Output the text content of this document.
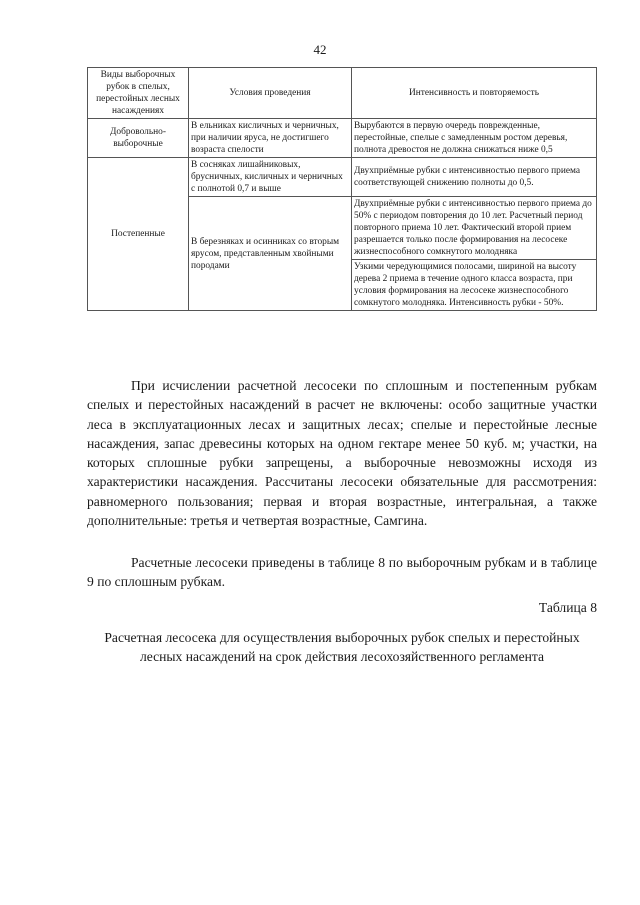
42
Виды выборочных рубок в спелых, перестойных лесных насаждениях	Условия проведения	Интенсивность и повторяемость
Добровольно-выборочные	В ельниках кисличных и черничных, при наличии яруса, не достигшего возраста спелости	Вырубаются в первую очередь поврежденные, перестойные, спелые с замедленным ростом деревья, полнота древостоя не должна снижаться ниже 0,5
Постепенные	В сосняках лишайниковых, брусничных, кисличных и черничных с полнотой 0,7 и выше	Двухприёмные рубки с интенсивностью первого приема соответствующей снижению полноты до 0,5.
	В березняках и осинниках со вторым ярусом, представленным хвойными породами	Двухприёмные рубки с интенсивностью первого приема до 50% с периодом повторения до 10 лет. Расчетный период повторного приема 10 лет. Фактический второй прием разрешается только после формирования на лесосеке жизнеспособного сомкнутого молодняка
		Узкими чередующимися полосами, шириной на высоту дерева 2 приема в течение одного класса возраста, при условия формирования на лесосеке жизнеспособного сомкнутого молодняка. Интенсивность рубки - 50%.

При исчислении расчетной лесосеки по сплошным и постепенным рубкам спелых и перестойных насаждений в расчет не включены: особо защитные участки леса в эксплуатационных лесах и защитных лесах; спелые и перестойные лесные насаждения, запас древесины которых на одном гектаре менее 50 куб. м; участки, на которых сплошные рубки запрещены, а выборочные невозможны исходя из характеристики насаждения. Рассчитаны лесосеки обязательные для рассмотрения: равномерного пользования; первая и вторая возрастные, интегральная, а также дополнительные: третья и четвертая возрастные, Самгина.

Расчетные лесосеки приведены в таблице 8 по выборочным рубкам и в таблице 9 по сплошным рубкам.

Таблица 8
Расчетная лесосека для осуществления выборочных рубок спелых и перестойных лесных насаждений на срок действия лесохозяйственного регламента
